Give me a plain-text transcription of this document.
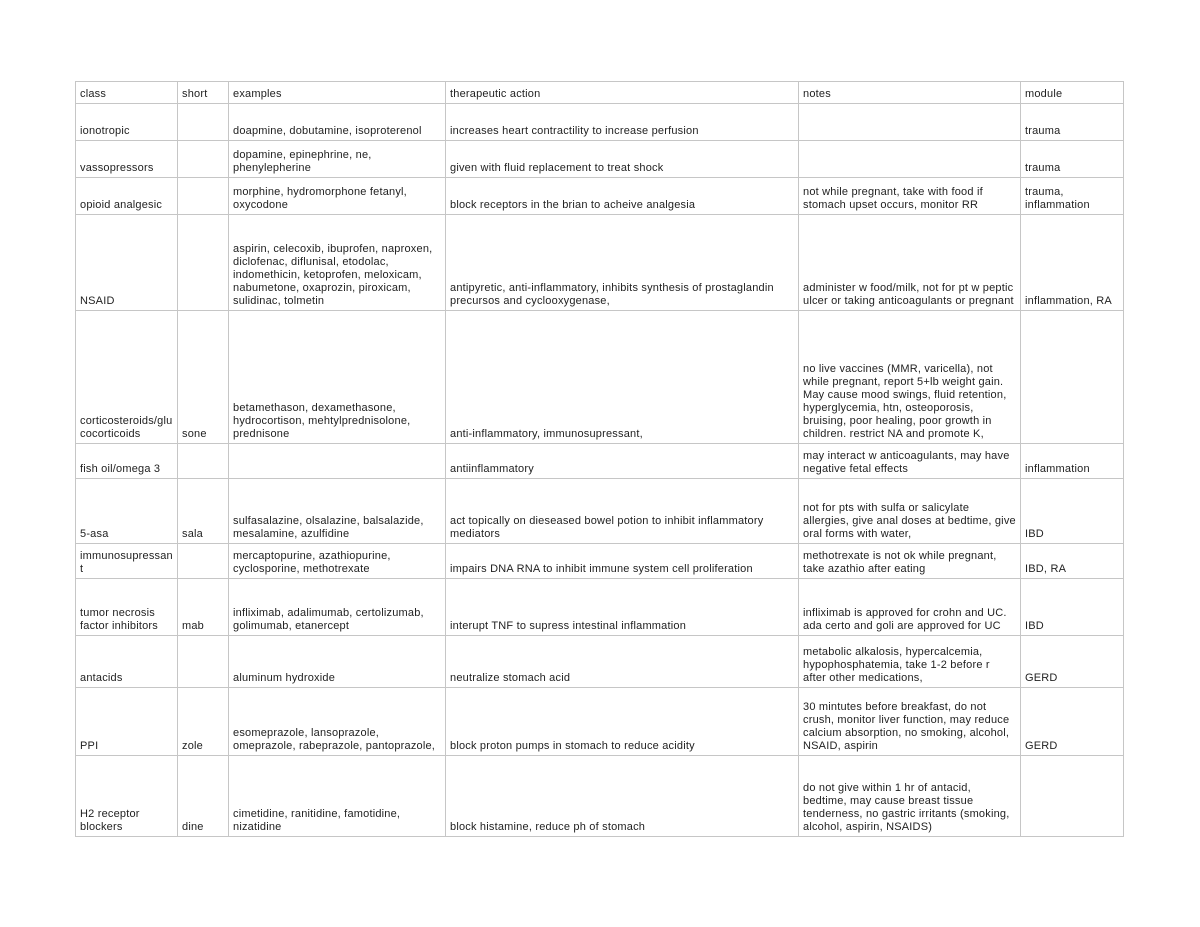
class	short	examples	therapeutic action	notes	module
ionotropic		doapmine, dobutamine, isoproterenol	increases heart contractility to increase perfusion		trauma
vassopressors		dopamine, epinephrine, ne, phenylepherine	given with fluid replacement to treat shock		trauma
opioid analgesic		morphine, hydromorphone fetanyl, oxycodone	block receptors in the brian to acheive analgesia	not while pregnant, take with food if stomach upset occurs, monitor RR	trauma, inflammation
NSAID		aspirin, celecoxib, ibuprofen, naproxen, diclofenac, diflunisal, etodolac, indomethicin, ketoprofen, meloxicam, nabumetone, oxaprozin, piroxicam, sulidinac, tolmetin	antipyretic, anti-inflammatory, inhibits synthesis of prostaglandin precursos and cyclooxygenase,	administer w food/milk, not for pt w peptic ulcer or taking anticoagulants or pregnant	inflammation, RA
corticosteroids/glucocorticoids	sone	betamethason, dexamethasone, hydrocortison, mehtylprednisolone, prednisone	anti-inflammatory, immunosupressant,	no live vaccines (MMR, varicella), not while pregnant, report 5+lb weight gain. May cause mood swings, fluid retention, hyperglycemia, htn, osteoporosis, bruising, poor healing, poor growth in children. restrict NA and promote K,	
fish oil/omega 3			antiinflammatory	may interact w anticoagulants, may have negative fetal effects	inflammation
5-asa	sala	sulfasalazine, olsalazine, balsalazide, mesalamine, azulfidine	act topically on dieseased bowel potion to inhibit inflammatory mediators	not for pts with sulfa or salicylate allergies, give anal doses at bedtime, give oral forms with water,	IBD
immunosupressant		mercaptopurine, azathiopurine, cyclosporine, methotrexate	impairs DNA RNA to inhibit immune system cell proliferation	methotrexate is not ok while pregnant, take azathio after eating	IBD, RA
tumor necrosis factor inhibitors	mab	infliximab, adalimumab, certolizumab, golimumab, etanercept	interupt TNF to supress intestinal inflammation	infliximab is approved for crohn and UC. ada certo and goli are approved for UC	IBD
antacids		aluminum hydroxide	neutralize stomach acid	metabolic alkalosis, hypercalcemia, hypophosphatemia, take 1-2 before r after other medications,	GERD
PPI	zole	esomeprazole, lansoprazole, omeprazole, rabeprazole, pantoprazole,	block proton pumps in stomach to reduce acidity	30 mintutes before breakfast, do not crush, monitor liver function, may reduce calcium absorption, no smoking, alcohol, NSAID, aspirin	GERD
H2 receptor blockers	dine	cimetidine, ranitidine, famotidine, nizatidine	block histamine, reduce ph of stomach	do not give within 1 hr of antacid, bedtime, may cause breast tissue tenderness, no gastric irritants (smoking, alcohol, aspirin, NSAIDS)	
